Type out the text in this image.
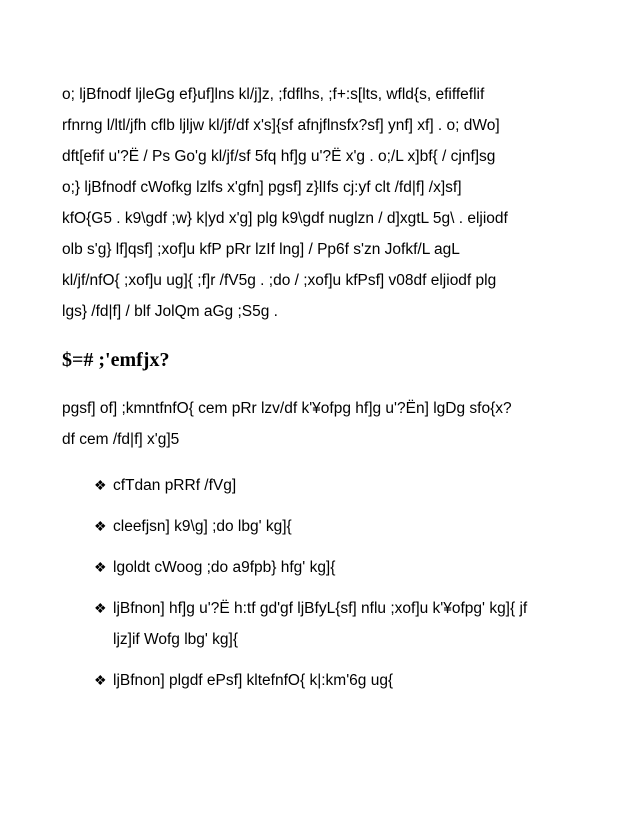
o; ljBfnodf ljleGg ef}uf]lns kl/j]z, ;fdflhs, ;f+:s[lts, wfld{s, efiffeflif
rfnrng l/ltl/jfh cflb ljljw kl/jf/df x's]{sf afnjflnsfx?sf] ynf] xf] . o; dWo]
dft[efif u'?Ë / Ps Go'g kl/jf/sf 5fq hf]g u'?Ë x'g . o;/L x]bf{ / cjnf]sg
o;} ljBfnodf cWofkg lzlfs x'gfn] pgsf] z}lIfs cj:yf clt /fd|f] /x]sf]
kfO{G5 . k9\gdf ;w} k|yd x'g] plg k9\gdf nuglzn / d]xgtL 5g\ . eljiodf
olb s'g} lf]qsf] ;xof]u kfP pRr lzIf lng] / Pp6f s'zn Jofkf/L agL
kl/jf/nfO{ ;xof]u ug]{ ;f]r /fV5g . ;do / ;xof]u kfPsf] v08df eljiodf plg
lgs} /fd|f] / blf JolQm aGg ;S5g .

$=# ;'emfjx?

pgsf] of] ;kmntfnfO{ cem pRr lzv/df k'¥ofpg hf]g u'?Ën] lgDg sfo{x?
df cem /fd|f] x'g]5

❖ cfTdan pRRf /fVg]
❖ cleefjsn] k9\g] ;do lbg' kg]{
❖ lgoldt cWoog ;do a9fpb} hfg' kg]{
❖ ljBfnon] hf]g u'?Ë h:tf gd'gf ljBfyL{sf] nflu ;xof]u k'¥ofpg' kg]{ jf
ljz]if Wofg lbg' kg]{
❖ ljBfnon] plgdf ePsf] kltefnfO{ k|:km'6g ug{
